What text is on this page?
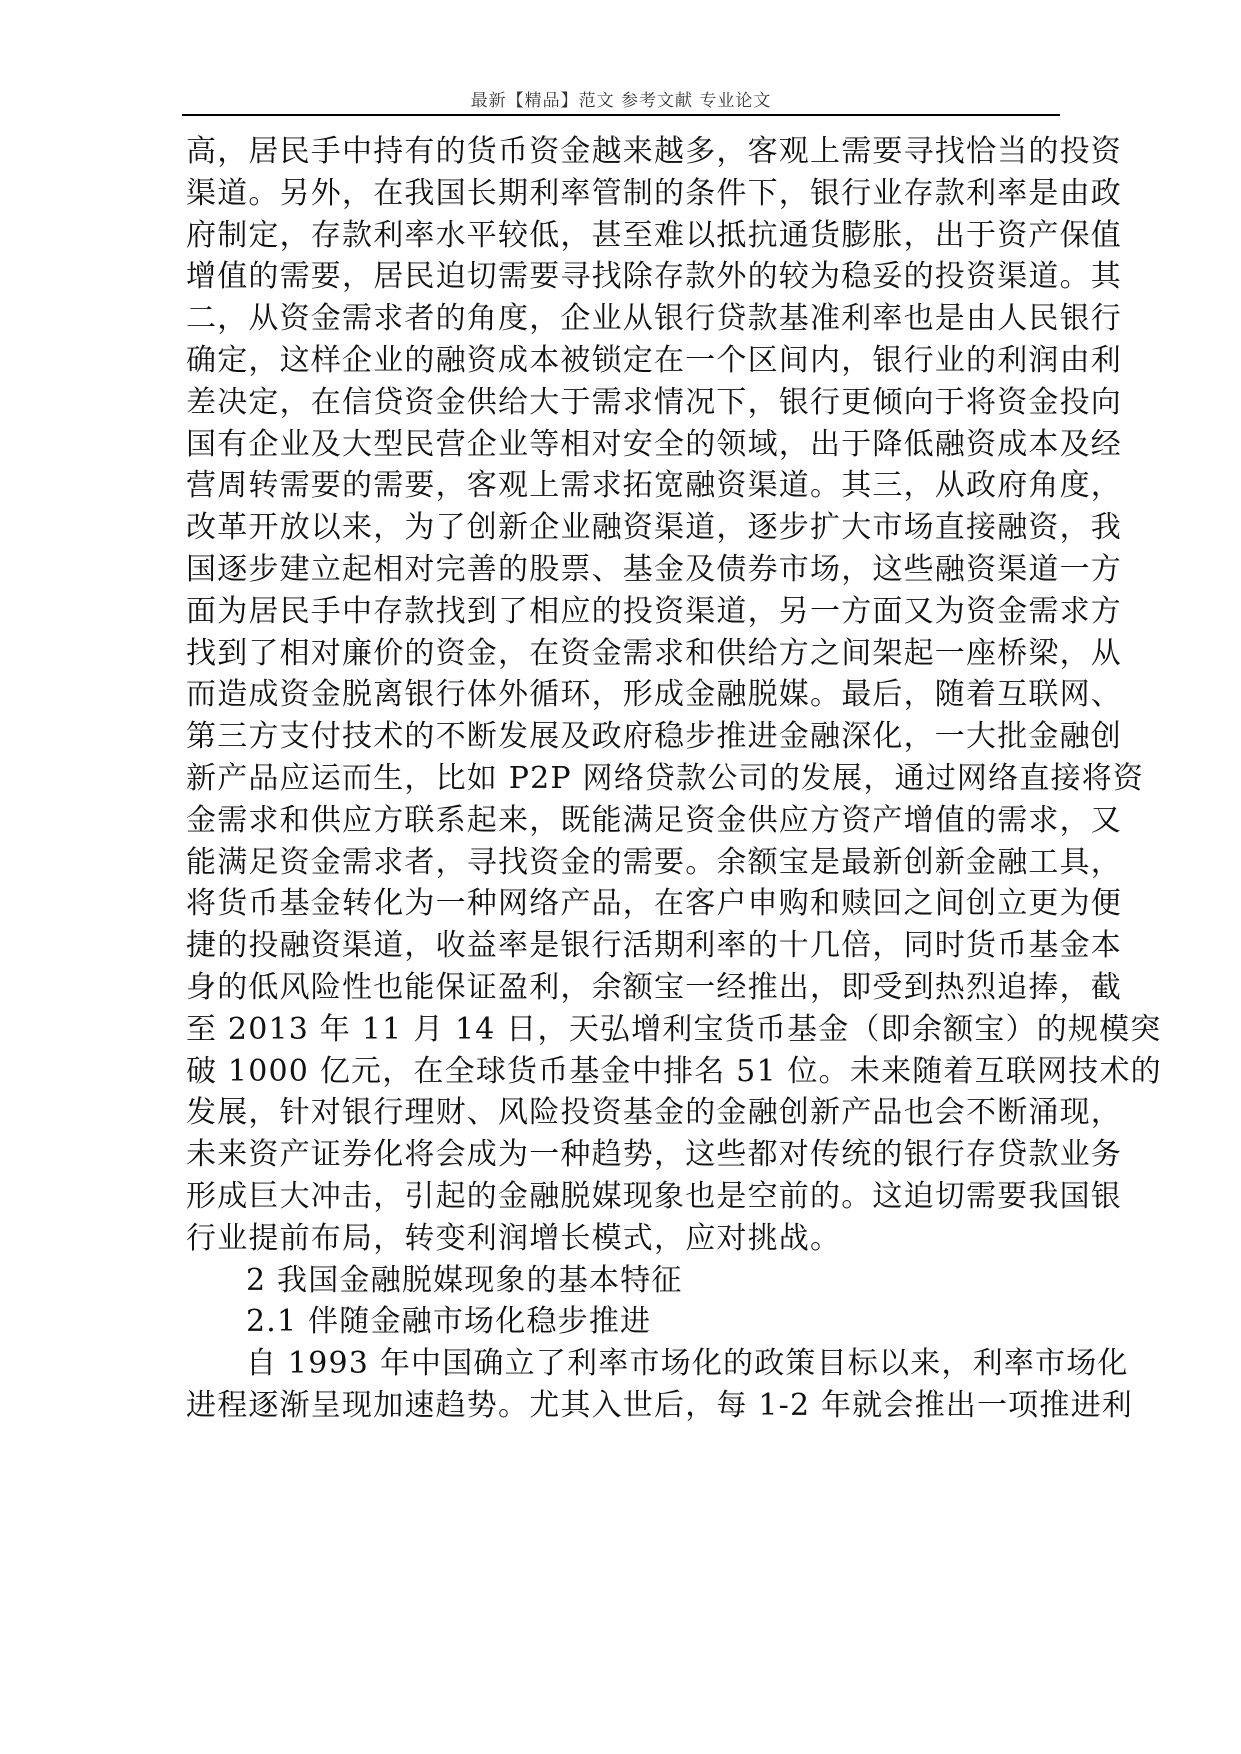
最新【精品】范文 参考文献 专业论文
高，居民手中持有的货币资金越来越多，客观上需要寻找恰当的投资
渠道。另外，在我国长期利率管制的条件下，银行业存款利率是由政
府制定，存款利率水平较低，甚至难以抵抗通货膨胀，出于资产保值
增值的需要，居民迫切需要寻找除存款外的较为稳妥的投资渠道。其
二，从资金需求者的角度，企业从银行贷款基准利率也是由人民银行
确定，这样企业的融资成本被锁定在一个区间内，银行业的利润由利
差决定，在信贷资金供给大于需求情况下，银行更倾向于将资金投向
国有企业及大型民营企业等相对安全的领域，出于降低融资成本及经
营周转需要的需要，客观上需求拓宽融资渠道。其三，从政府角度，
改革开放以来，为了创新企业融资渠道，逐步扩大市场直接融资，我
国逐步建立起相对完善的股票、基金及债券市场，这些融资渠道一方
面为居民手中存款找到了相应的投资渠道，另一方面又为资金需求方
找到了相对廉价的资金，在资金需求和供给方之间架起一座桥梁，从
而造成资金脱离银行体外循环，形成金融脱媒。最后，随着互联网、
第三方支付技术的不断发展及政府稳步推进金融深化，一大批金融创
新产品应运而生，比如 P2P 网络贷款公司的发展，通过网络直接将资
金需求和供应方联系起来，既能满足资金供应方资产增值的需求，又
能满足资金需求者，寻找资金的需要。余额宝是最新创新金融工具，
将货币基金转化为一种网络产品，在客户申购和赎回之间创立更为便
捷的投融资渠道，收益率是银行活期利率的十几倍，同时货币基金本
身的低风险性也能保证盈利，余额宝一经推出，即受到热烈追捧，截
至 2013 年 11 月 14 日，天弘增利宝货币基金（即余额宝）的规模突
破 1000 亿元，在全球货币基金中排名 51 位。未来随着互联网技术的
发展，针对银行理财、风险投资基金的金融创新产品也会不断涌现，
未来资产证券化将会成为一种趋势，这些都对传统的银行存贷款业务
形成巨大冲击，引起的金融脱媒现象也是空前的。这迫切需要我国银
行业提前布局，转变利润增长模式，应对挑战。
2 我国金融脱媒现象的基本特征
2.1 伴随金融市场化稳步推进
自 1993 年中国确立了利率市场化的政策目标以来，利率市场化
进程逐渐呈现加速趋势。尤其入世后，每 1-2 年就会推出一项推进利
